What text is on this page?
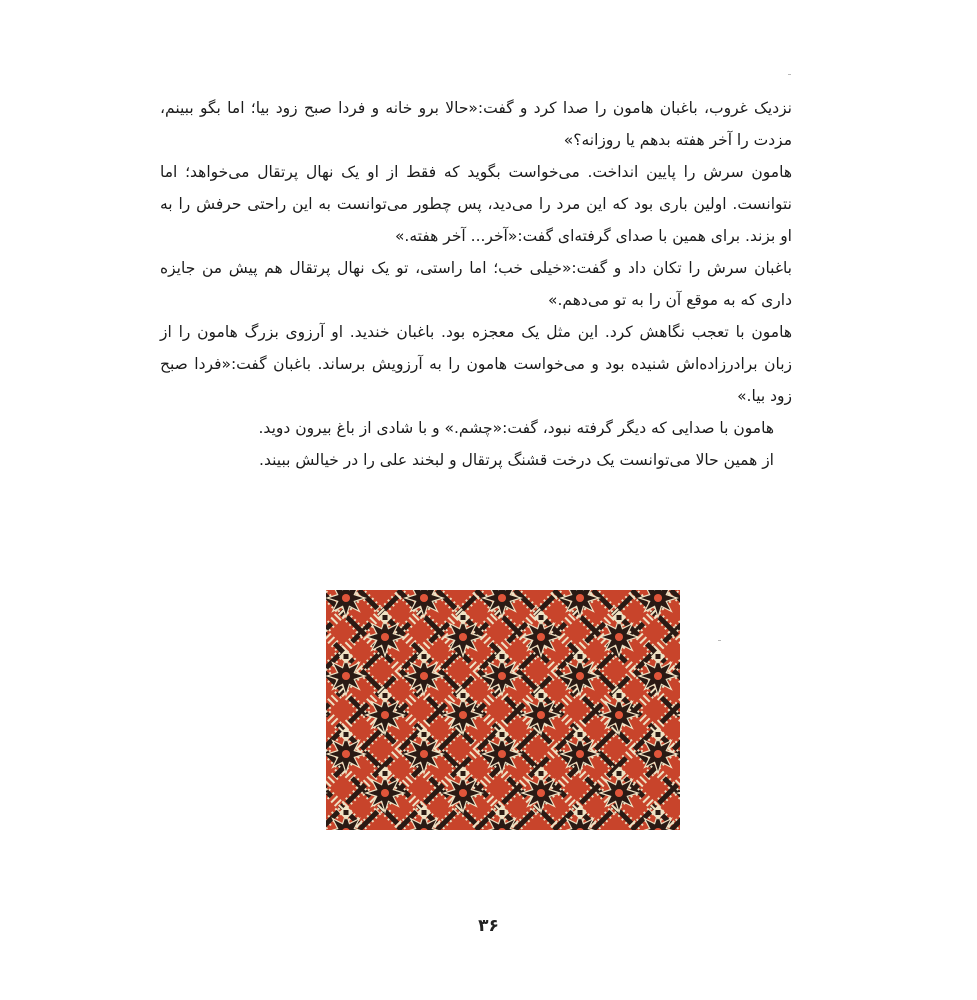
نزدیک غروب، باغبان هامون را صدا کرد و گفت:«حالا برو خانه و فردا صبح زود بیا؛ اما بگو ببینم، مزدت را آخر هفته بدهم یا روزانه؟»

هامون سرش را پایین انداخت. می‌خواست بگوید که فقط از او یک نهال پرتقال می‌خواهد؛ اما نتوانست. اولین باری بود که این مرد را می‌دید، پس چطور می‌توانست به این راحتی حرفش را به او بزند. برای همین با صدای گرفته‌ای گفت:«آخر... آخر هفته.»

باغبان سرش را تکان داد و گفت:«خیلی خب؛ اما راستی، تو یک نهال پرتقال هم پیش من جایزه داری که به موقع آن را به تو می‌دهم.»

هامون با تعجب نگاهش کرد. این مثل یک معجزه بود. باغبان خندید. او آرزوی بزرگ هامون را از زبان برادرزاده‌اش شنیده بود و می‌خواست هامون را به آرزویش برساند. باغبان گفت:«فردا صبح زود بیا.»

هامون با صدایی که دیگر گرفته نبود، گفت:«چشم.» و با شادی از باغ بیرون دوید.

از همین حالا می‌توانست یک درخت قشنگ پرتقال و لبخند علی را در خیالش ببیند.

۳۶
